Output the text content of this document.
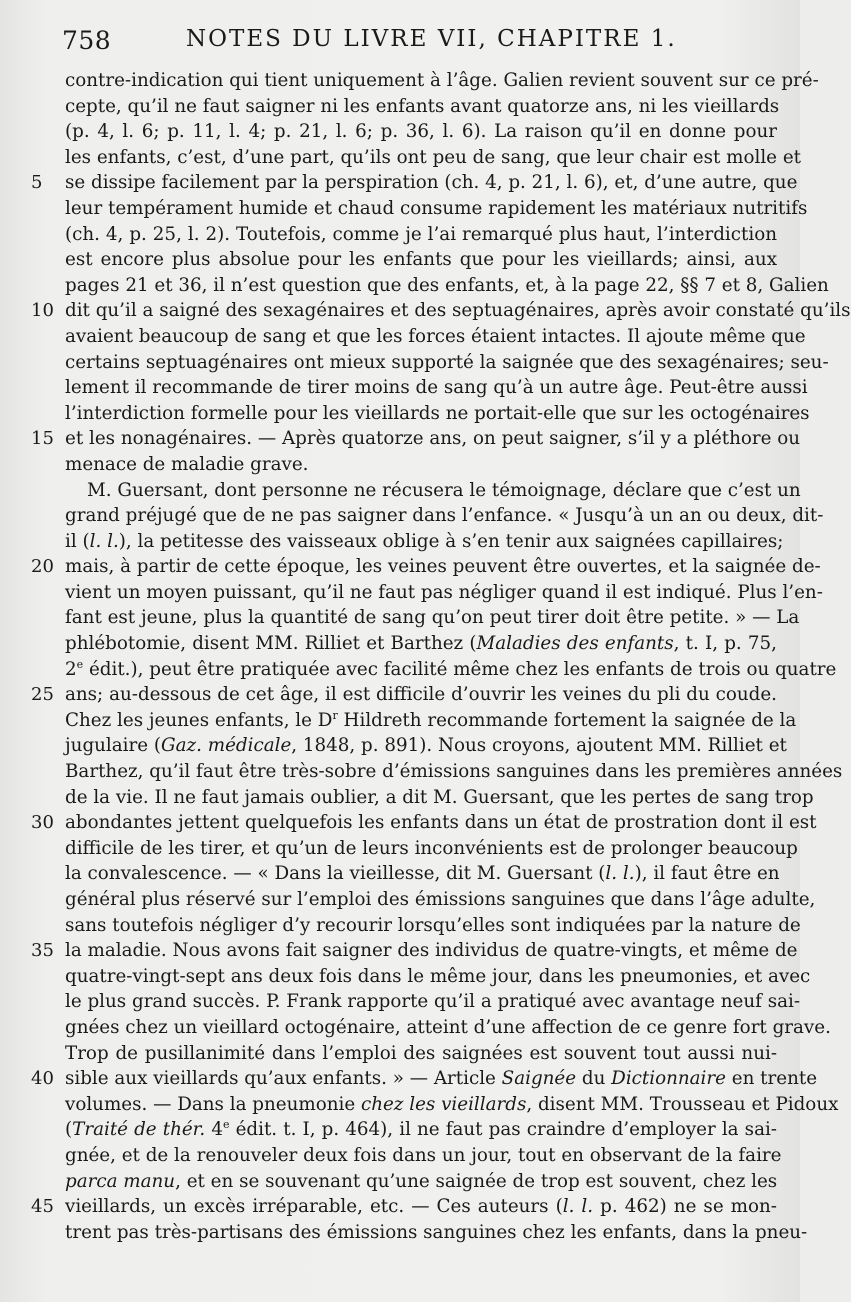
758	NOTES DU LIVRE VII, CHAPITRE 1.
contre-indication qui tient uniquement à l’âge. Galien revient souvent sur ce pré-
cepte, qu’il ne faut saigner ni les enfants avant quatorze ans, ni les vieillards
(p. 4, l. 6; p. 11, l. 4; p. 21, l. 6; p. 36, l. 6). La raison qu’il en donne pour
les enfants, c’est, d’une part, qu’ils ont peu de sang, que leur chair est molle et
5 se dissipe facilement par la perspiration (ch. 4, p. 21, l. 6), et, d’une autre, que
leur tempérament humide et chaud consume rapidement les matériaux nutritifs
(ch. 4, p. 25, l. 2). Toutefois, comme je l’ai remarqué plus haut, l’interdiction
est encore plus absolue pour les enfants que pour les vieillards; ainsi, aux
pages 21 et 36, il n’est question que des enfants, et, à la page 22, §§ 7 et 8, Galien
10 dit qu’il a saigné des sexagénaires et des septuagénaires, après avoir constaté qu’ils
avaient beaucoup de sang et que les forces étaient intactes. Il ajoute même que
certains septuagénaires ont mieux supporté la saignée que des sexagénaires; seu-
lement il recommande de tirer moins de sang qu’à un autre âge. Peut-être aussi
l’interdiction formelle pour les vieillards ne portait-elle que sur les octogénaires
15 et les nonagénaires. — Après quatorze ans, on peut saigner, s’il y a pléthore ou
menace de maladie grave.
M. Guersant, dont personne ne récusera le témoignage, déclare que c’est un
grand préjugé que de ne pas saigner dans l’enfance. « Jusqu’à un an ou deux, dit-
il (l. l.), la petitesse des vaisseaux oblige à s’en tenir aux saignées capillaires;
20 mais, à partir de cette époque, les veines peuvent être ouvertes, et la saignée de-
vient un moyen puissant, qu’il ne faut pas négliger quand il est indiqué. Plus l’en-
fant est jeune, plus la quantité de sang qu’on peut tirer doit être petite. » — La
phlébotomie, disent MM. Rilliet et Barthez (Maladies des enfants, t. I, p. 75,
2e édit.), peut être pratiquée avec facilité même chez les enfants de trois ou quatre
25 ans; au-dessous de cet âge, il est difficile d’ouvrir les veines du pli du coude.
Chez les jeunes enfants, le $D^r$ Hildreth recommande fortement la saignée de la
jugulaire (Gaz. médicale, 1848, p. 891). Nous croyons, ajoutent MM. Rilliet et
Barthez, qu’il faut être très-sobre d’émissions sanguines dans les premières années
de la vie. Il ne faut jamais oublier, a dit M. Guersant, que les pertes de sang trop
30 abondantes jettent quelquefois les enfants dans un état de prostration dont il est
difficile de les tirer, et qu’un de leurs inconvénients est de prolonger beaucoup
la convalescence. — « Dans la vieillesse, dit M. Guersant (l. l.), il faut être en
général plus réservé sur l’emploi des émissions sanguines que dans l’âge adulte,
sans toutefois négliger d’y recourir lorsqu’elles sont indiquées par la nature de
35 la maladie. Nous avons fait saigner des individus de quatre-vingts, et même de
quatre-vingt-sept ans deux fois dans le même jour, dans les pneumonies, et avec
le plus grand succès. P. Frank rapporte qu’il a pratiqué avec avantage neuf sai-
gnées chez un vieillard octogénaire, atteint d’une affection de ce genre fort grave.
Trop de pusillanimité dans l’emploi des saignées est souvent tout aussi nui-
40 sible aux vieillards qu’aux enfants. » — Article Saignée du Dictionnaire en trente
volumes. — Dans la pneumonie chez les vieillards, disent MM. Trousseau et Pidoux
(Traité de thér. 4e édit. t. I, p. 464), il ne faut pas craindre d’employer la sai-
gnée, et de la renouveler deux fois dans un jour, tout en observant de la faire
parca manu, et en se souvenant qu’une saignée de trop est souvent, chez les
45 vieillards, un excès irréparable, etc. — Ces auteurs (l. l. p. 462) ne se mon-
trent pas très-partisans des émissions sanguines chez les enfants, dans la pneu-
